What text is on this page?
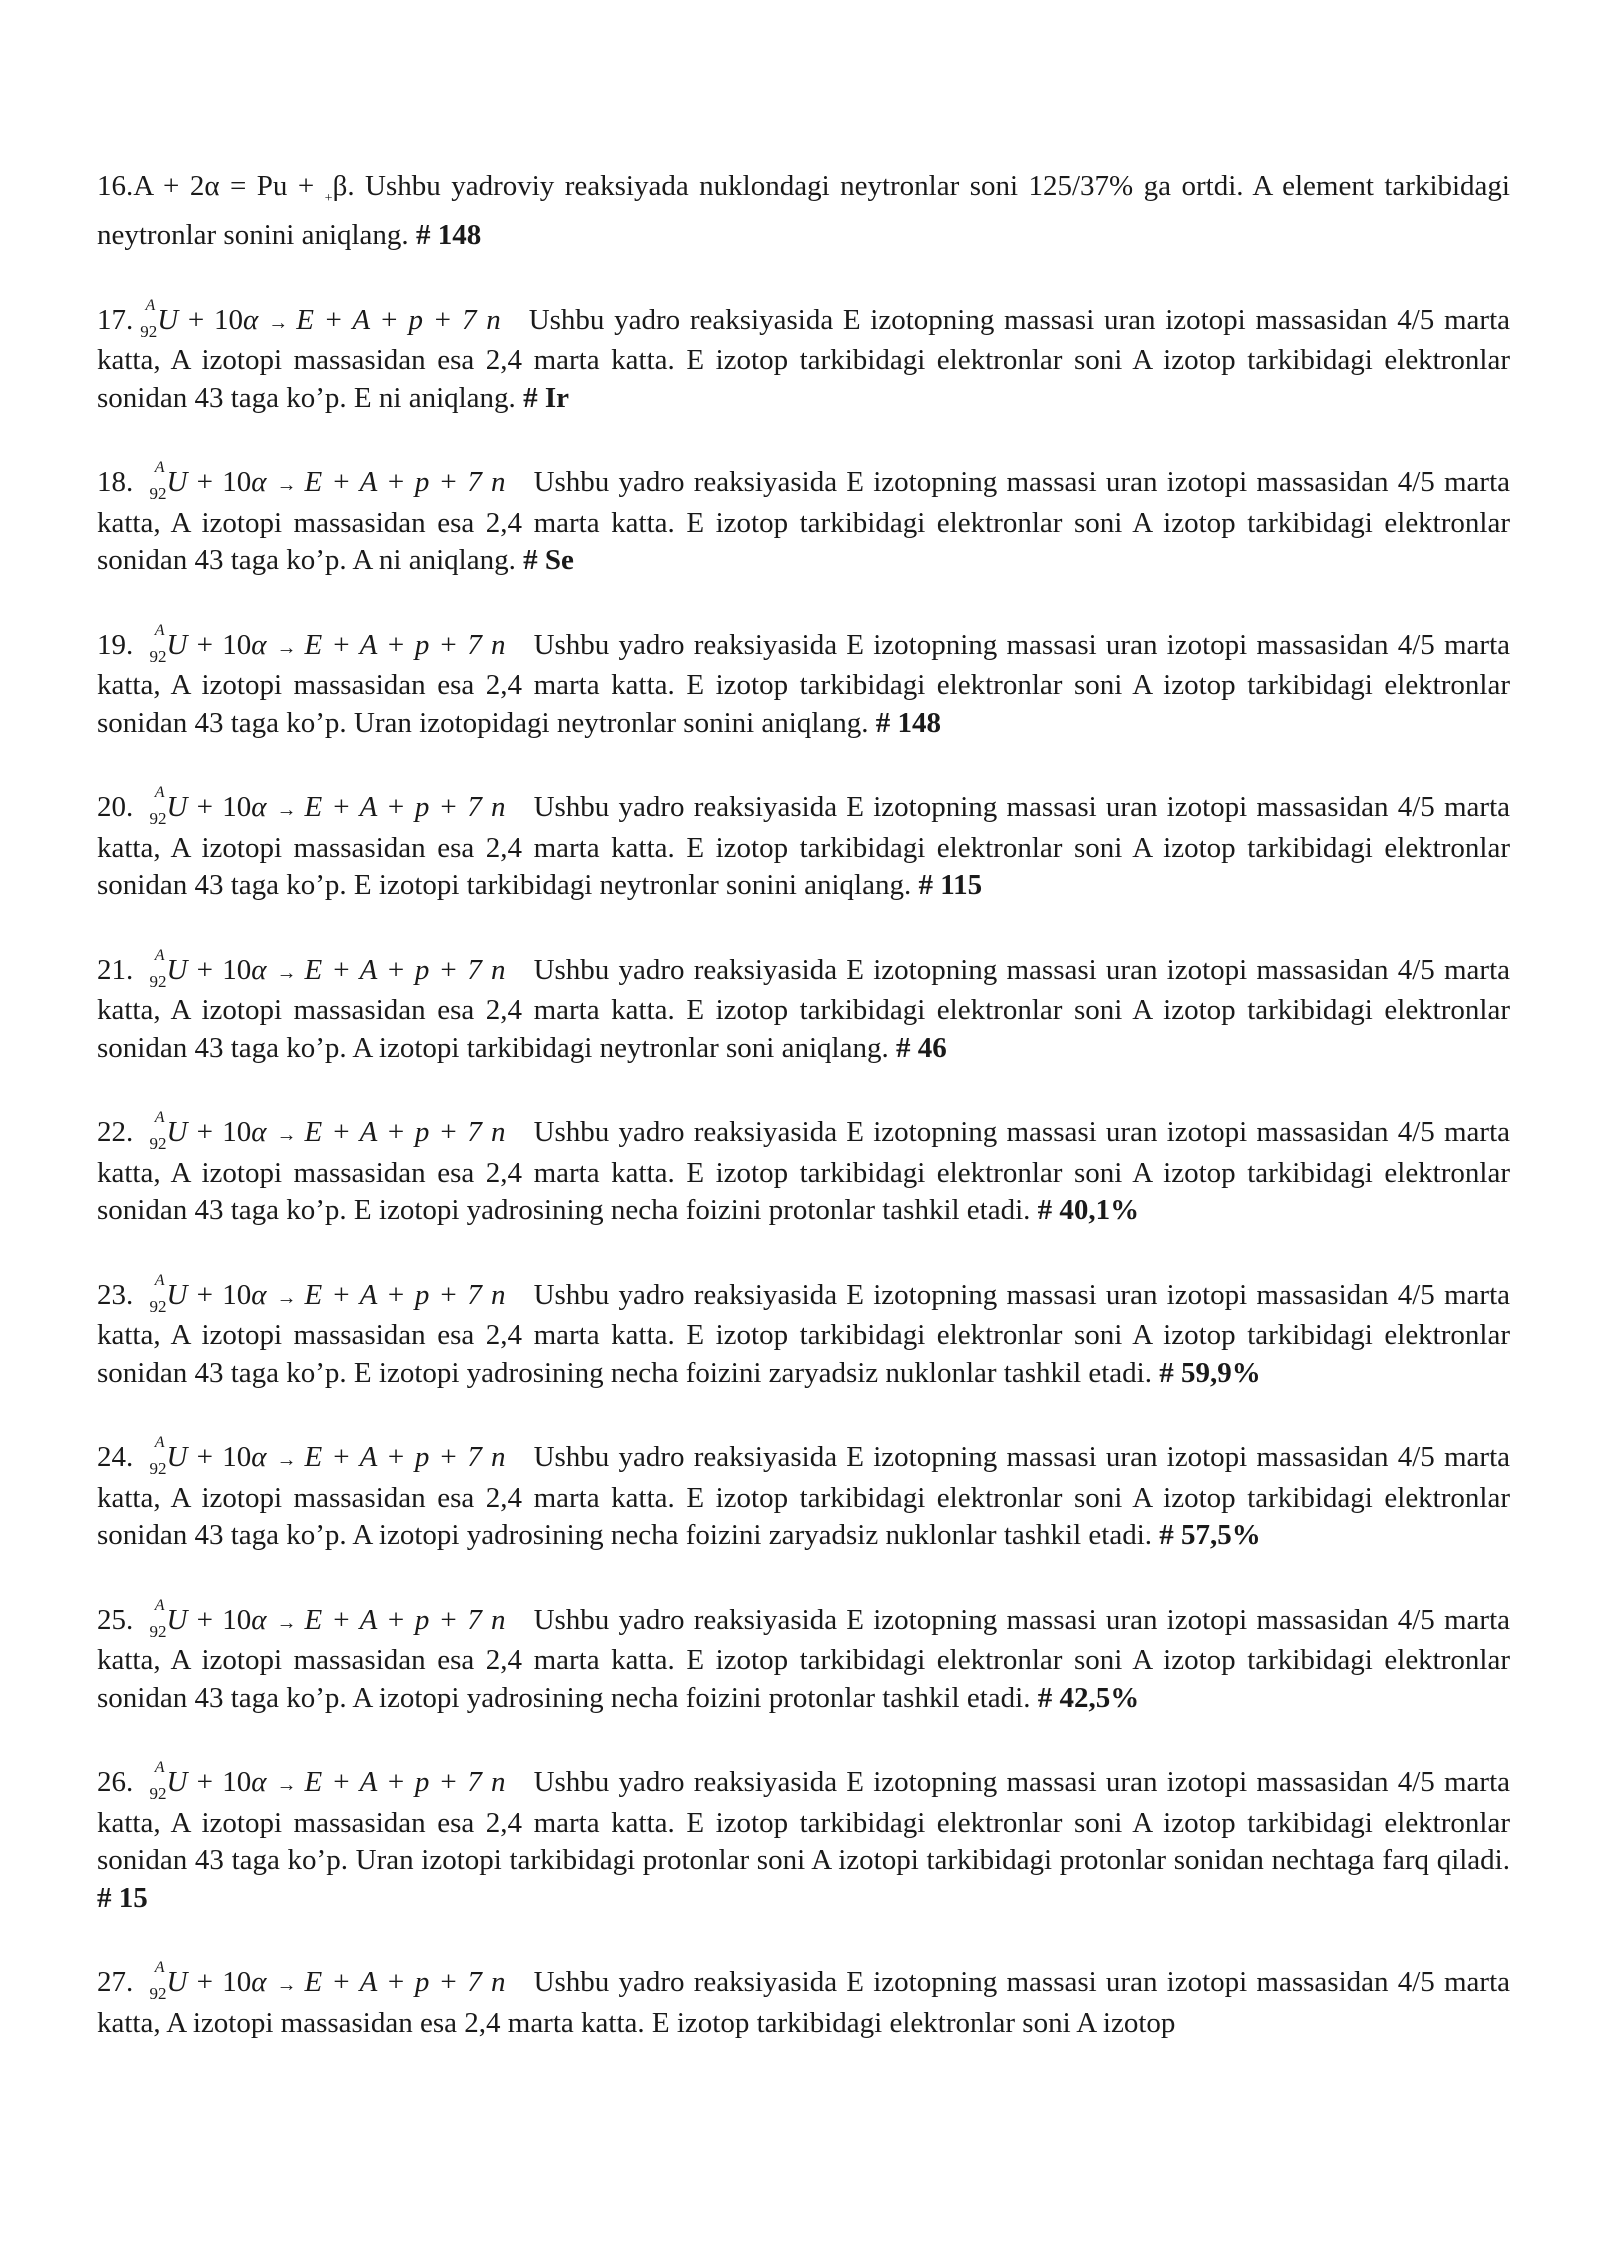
16.A + 2α = Pu + $_+$β. Ushbu yadroviy reaksiyada nuklondagi neytronlar soni 125/37% ga ortdi. A element tarkibidagi neytronlar sonini aniqlang. # 148
17. A
92 U + 10α → E + A + p + 7 n Ushbu yadro reaksiyasida E izotopning massasi uran izotopi massasidan 4/5 marta katta, A izotopi massasidan esa 2,4 marta katta. E izotop tarkibidagi elektronlar soni A izotop tarkibidagi elektronlar sonidan 43 taga ko’p. E ni aniqlang. # Ir
18. A
92 U + 10α → E + A + p + 7 n Ushbu yadro reaksiyasida E izotopning massasi uran izotopi massasidan 4/5 marta katta, A izotopi massasidan esa 2,4 marta katta. E izotop tarkibidagi elektronlar soni A izotop tarkibidagi elektronlar sonidan 43 taga ko’p. A ni aniqlang. # Se
19. A
92 U + 10α → E + A + p + 7 n Ushbu yadro reaksiyasida E izotopning massasi uran izotopi massasidan 4/5 marta katta, A izotopi massasidan esa 2,4 marta katta. E izotop tarkibidagi elektronlar soni A izotop tarkibidagi elektronlar sonidan 43 taga ko’p. Uran izotopidagi neytronlar sonini aniqlang. # 148
20. A
92 U + 10α → E + A + p + 7 n Ushbu yadro reaksiyasida E izotopning massasi uran izotopi massasidan 4/5 marta katta, A izotopi massasidan esa 2,4 marta katta. E izotop tarkibidagi elektronlar soni A izotop tarkibidagi elektronlar sonidan 43 taga ko’p. E izotopi tarkibidagi neytronlar sonini aniqlang. # 115
21. A
92 U + 10α → E + A + p + 7 n Ushbu yadro reaksiyasida E izotopning massasi uran izotopi massasidan 4/5 marta katta, A izotopi massasidan esa 2,4 marta katta. E izotop tarkibidagi elektronlar soni A izotop tarkibidagi elektronlar sonidan 43 taga ko’p. A izotopi tarkibidagi neytronlar soni aniqlang. # 46
22. A
92 U + 10α → E + A + p + 7 n Ushbu yadro reaksiyasida E izotopning massasi uran izotopi massasidan 4/5 marta katta, A izotopi massasidan esa 2,4 marta katta. E izotop tarkibidagi elektronlar soni A izotop tarkibidagi elektronlar sonidan 43 taga ko’p. E izotopi yadrosining necha foizini protonlar tashkil etadi. # 40,1%
23. A
92 U + 10α → E + A + p + 7 n Ushbu yadro reaksiyasida E izotopning massasi uran izotopi massasidan 4/5 marta katta, A izotopi massasidan esa 2,4 marta katta. E izotop tarkibidagi elektronlar soni A izotop tarkibidagi elektronlar sonidan 43 taga ko’p. E izotopi yadrosining necha foizini zaryadsiz nuklonlar tashkil etadi. # 59,9%
24. A
92 U + 10α → E + A + p + 7 n Ushbu yadro reaksiyasida E izotopning massasi uran izotopi massasidan 4/5 marta katta, A izotopi massasidan esa 2,4 marta katta. E izotop tarkibidagi elektronlar soni A izotop tarkibidagi elektronlar sonidan 43 taga ko’p. A izotopi yadrosining necha foizini zaryadsiz nuklonlar tashkil etadi. # 57,5%
25. A
92 U + 10α → E + A + p + 7 n Ushbu yadro reaksiyasida E izotopning massasi uran izotopi massasidan 4/5 marta katta, A izotopi massasidan esa 2,4 marta katta. E izotop tarkibidagi elektronlar soni A izotop tarkibidagi elektronlar sonidan 43 taga ko’p. A izotopi yadrosining necha foizini protonlar tashkil etadi. # 42,5%
26. A
92 U + 10α → E + A + p + 7 n Ushbu yadro reaksiyasida E izotopning massasi uran izotopi massasidan 4/5 marta katta, A izotopi massasidan esa 2,4 marta katta. E izotop tarkibidagi elektronlar soni A izotop tarkibidagi elektronlar sonidan 43 taga ko’p. Uran izotopi tarkibidagi protonlar soni A izotopi tarkibidagi protonlar sonidan nechtaga farq qiladi. # 15
27. A
92 U + 10α → E + A + p + 7 n Ushbu yadro reaksiyasida E izotopning massasi uran izotopi massasidan 4/5 marta katta, A izotopi massasidan esa 2,4 marta katta. E izotop tarkibidagi elektronlar soni A izotop
